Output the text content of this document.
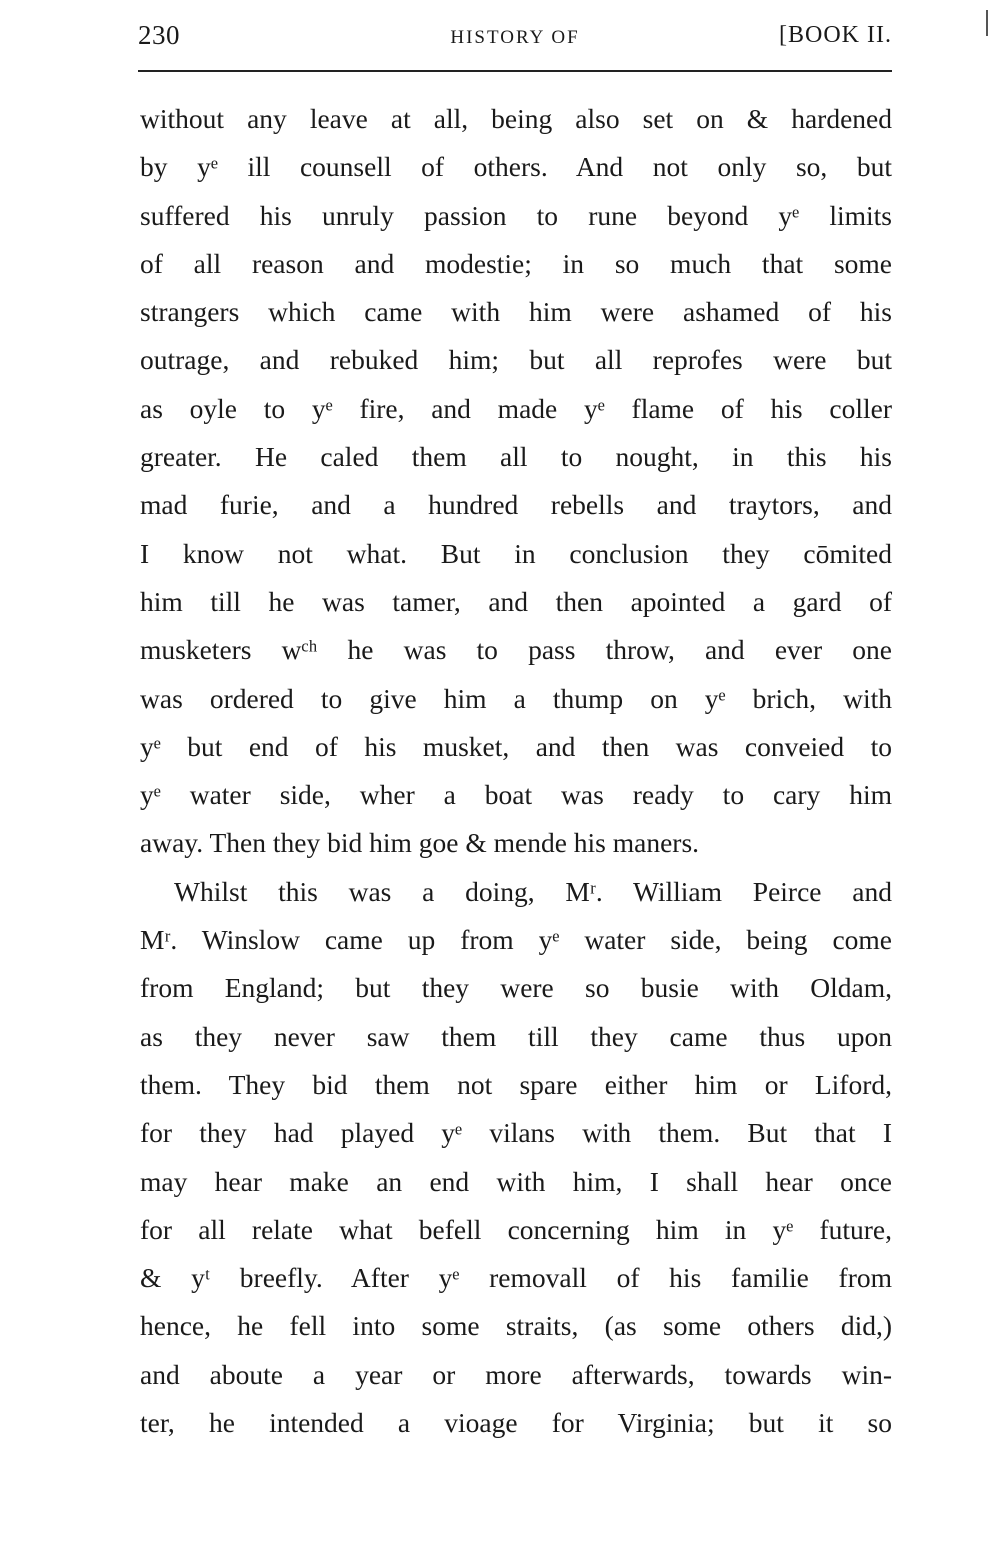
230	HISTORY OF	[BOOK II.
without any leave at all, being also set on & hardened
by yᵉ ill counsell of others. And not only so, but
suffered his unruly passion to rune beyond yᵉ limits
of all reason and modestie; in so much that some
strangers which came with him were ashamed of his
outrage, and rebuked him; but all reprofes were but
as oyle to yᵉ fire, and made yᵉ flame of his coller
greater. He caled them all to nought, in this his
mad furie, and a hundred rebells and traytors, and
I know not what. But in conclusion they cōmited
him till he was tamer, and then apointed a gard of
musketers wᶜʰ he was to pass throw, and ever one
was ordered to give him a thump on yᵉ brich, with
yᵉ but end of his musket, and then was conveied to
yᵉ water side, wher a boat was ready to cary him
away. Then they bid him goe & mende his maners.
Whilst this was a doing, Mʳ. William Peirce and
Mʳ. Winslow came up from yᵉ water side, being come
from England; but they were so busie with Oldam,
as they never saw them till they came thus upon
them. They bid them not spare either him or Liford,
for they had played yᵉ vilans with them. But that I
may hear make an end with him, I shall hear once
for all relate what befell concerning him in yᵉ future,
& yᵗ breefly. After yᵉ removall of his familie from
hence, he fell into some straits, (as some others did,)
and aboute a year or more afterwards, towards win-
ter, he intended a vioage for Virginia; but it so
